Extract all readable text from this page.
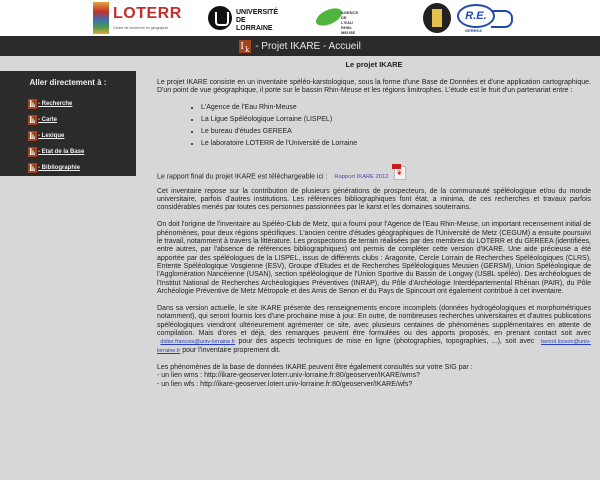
LOTERR
Centre de recherche en géographie
UNIVERSITÉ
DE LORRAINE
AGENCE DE L'EAU RHIN-MEUSE
R.E.
GEREEA
I k - Projet IKARE - Accueil
Aller directement à :
I k - Recherche
I k - Carte
I k - Lexique
I k - Etat de la Base
I k - Bibliographie
Le projet IKARE

Le projet IKARE consiste en un inventaire spéléo-karstologique, sous la forme d'une Base de Données et d'une application cartographique. D'un point de vue géographique, il porte sur le bassin Rhin-Meuse et les régions limitrophes. L'étude est le fruit d'un partenariat entre :

• L'Agence de l'Eau Rhin-Meuse
• La Ligue Spéléologique Lorraine (LISPEL)
• Le bureau d'études GEREEA
• Le laboratoire LOTERR de l'Université de Lorraine

Le rapport final du projet IKARE est téléchargeable ici : Rapport IKARE 2012
❦

Cet inventaire repose sur la contribution de plusieurs générations de prospecteurs, de la communauté spéléologique et/ou du monde universitaire, parfois d'autres institutions. Les références bibliographiques font état, a minima, de ces recherches et travaux parfois considérables menés par toutes ces personnes passionnées par le karst et les domaines souterrains.

On doit l'origine de l'inventaire au Spéléo-Club de Metz, qui a fourni pour l'Agence de l'Eau Rhin-Meuse, un important recensement initial de phénomènes, pour deux régions spécifiques. L'ancien centre d'études géographiques de l'Université de Metz (CEGUM) a ensuite poursuivi le travail, notamment à travers la littérature. Les prospections de terrain réalisées par des membres du LOTERR et du GEREEA (identifiées, entre autres, par l'absence de références bibliographiques) ont permis de compléter cette version d'IKARE. Une aide précieuse a été apportée par des spéléologues de la LISPEL, issus de différents clubs : Aragonite, Cercle Lorrain de Recherches Spéléologiques (CLRS), Entente Spéléologique Vosgienne (ESV), Groupe d'Etudes et de Recherches Spéléologiques Meusien (GERSM), Union Spéléologique de l'Agglomération Nancéienne (USAN), section spéléologique de l'Union Sportive du Bassin de Longwy (USBL spéléo). Des archéologues de l'Institut National de Recherches Archéologiques Préventives (INRAP), du Pôle d'Archéologie Interdépartemental Rhénan (PAIR), du Pôle Archéologie Préventive de Metz Métropole et des Amis de Senon et du Pays de Spincourt ont également contribué à cet inventaire.

Dans sa version actuelle, le site IKARE présente des renseignements encore incomplets (données hydrogéologiques et morphométriques notamment), qui seront fournis lors d'une prochaine mise à jour. En outre, de nombreuses recherches universitaires et d'autres publications spéléologiques viendront ultérieurement agrémenter ce site, avec plusieurs centaines de phénomènes supplémentaires en attente de compilation. Mais d'ores et déjà, des remarques peuvent être formulées ou des apports proposés, en prenant contact soit avec  didier.francois@univ-lorraine.fr pour des aspects techniques de mise en ligne (photographies, topographies, ...), soit avec benoit.losson@univ-lorraine.fr pour l'inventaire proprement dit.

Les phénomènes de la base de données IKARE peuvent être également consultés sur votre SIG par :
- un lien wms : http://ikare-geoserver.loterr.univ-lorraine.fr:80/geoserver/IKARE/wms?
- un lien wfs : http://ikare-geoserver.loterr.univ-lorraine.fr:80/geoserver/IKARE/wfs?
